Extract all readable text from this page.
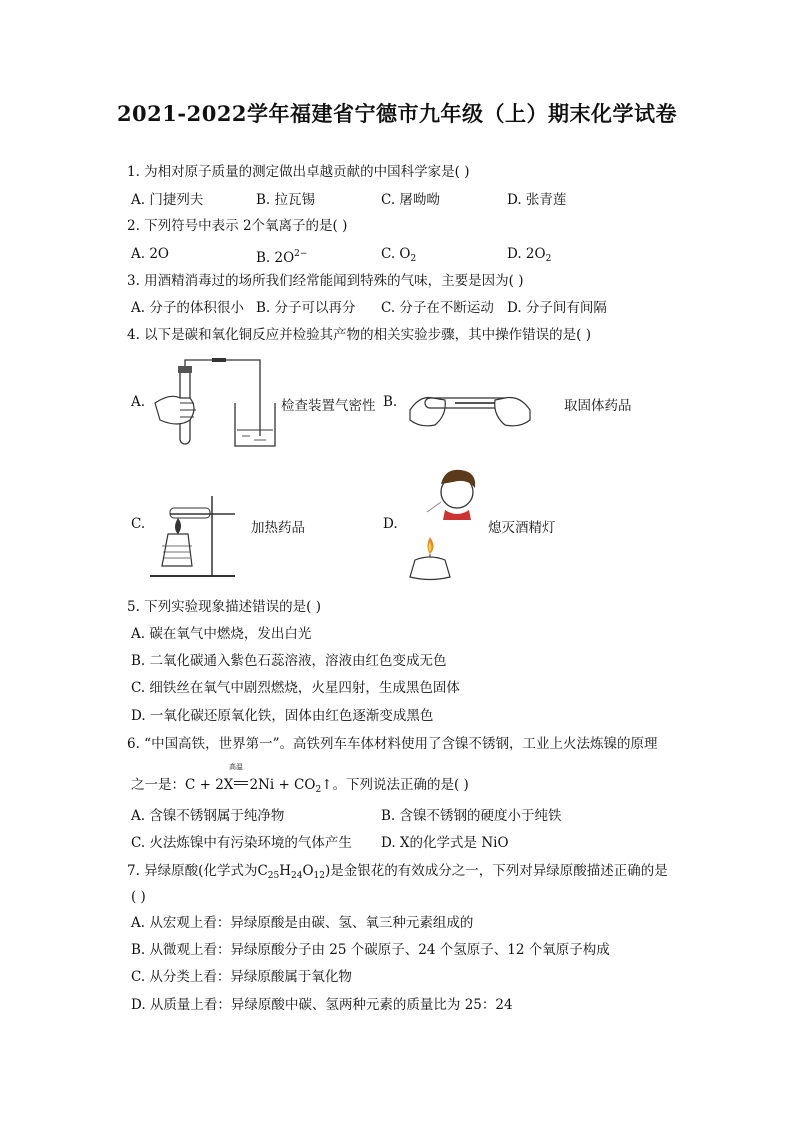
2021-2022学年福建省宁德市九年级（上）期末化学试卷
1. 为相对原子质量的测定做出卓越贡献的中国科学家是( )
A. 门捷列夫	B. 拉瓦锡	C. 屠呦呦	D. 张青莲
2. 下列符号中表示 2个氧离子的是( )
A. 2O	B. $2O^{2-}$	C. $O_2$	D. $2O_2$
3. 用酒精消毒过的场所我们经常能闻到特殊的气味，主要是因为( )
A. 分子的体积很小 B. 分子可以再分 C. 分子在不断运动 D. 分子间有间隔
4. 以下是碳和氧化铜反应并检验其产物的相关实验步骤，其中操作错误的是( )
A.	检查装置气密性 B.	取固体药品
C.	加热药品	D.	熄灭酒精灯
5. 下列实验现象描述错误的是( )
A. 碳在氧气中燃烧，发出白光
B. 二氧化碳通入紫色石蕊溶液，溶液由红色变成无色
C. 细铁丝在氧气中剧烈燃烧，火星四射，生成黑色固体
D. 一氧化碳还原氧化铁，固体由红色逐渐变成黑色
6. “中国高铁，世界第一”。高铁列车车体材料使用了含镍不锈钢，工业上火法炼镍的原理
高温
之一是：C + 2X $2Ni + CO_2↑$。下列说法正确的是( )
A. 含镍不锈钢属于纯净物	B. 含镍不锈钢的硬度小于纯铁
C. 火法炼镍中有污染环境的气体产生 D. X的化学式是 NiO
7. 异绿原酸(化学式为$C_{25}H_{24}O_{12}$)是金银花的有效成分之一，下列对异绿原酸描述正确的是
( )
A. 从宏观上看：异绿原酸是由碳、氢、氧三种元素组成的
B. 从微观上看：异绿原酸分子由 25 个碳原子、24 个氢原子、12 个氧原子构成
C. 从分类上看：异绿原酸属于氧化物
D. 从质量上看：异绿原酸中碳、氢两种元素的质量比为 25：24
